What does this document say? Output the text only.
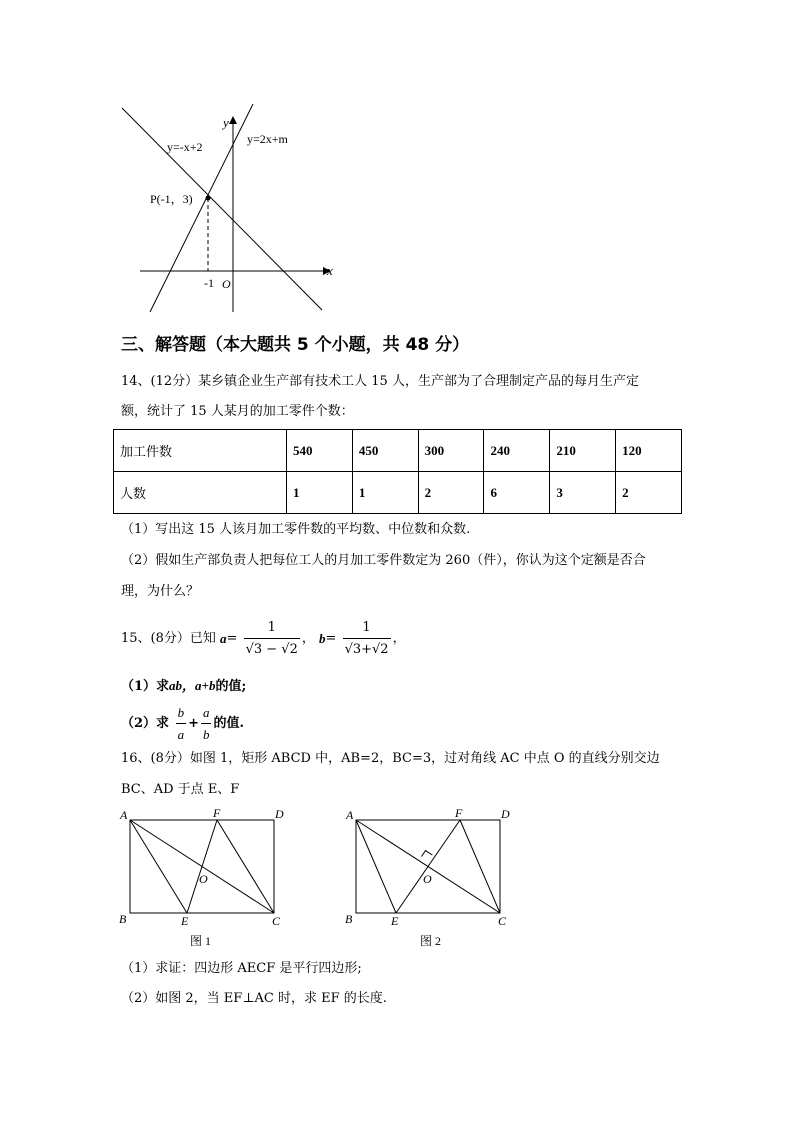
y
x
y=-x+2
y=2x+m
P(-1，3)
-1 O
三、解答题（本大题共 5 个小题，共 48 分）
14、(12分）某乡镇企业生产部有技术工人 15 人，生产部为了合理制定产品的每月生产定
额，统计了 15 人某月的加工零件个数：
加工件数	540	450	300	240	210	120
人数	1	1	2	6	3	2
（1）写出这 15 人该月加工零件数的平均数、中位数和众数.
（2）假如生产部负责人把每位工人的月加工零件数定为 260（件），你认为这个定额是否合
理，为什么？
15、(8分）已知 $a= \frac{1}{√3 - √2}$ ， $b= \frac{1}{√3+√2}$ ，
（1）求ab，a+b的值;
（2）求 $\frac{b}{a} + \frac{a}{b}$ 的值.
16、(8分）如图 1，矩形 ABCD 中，AB=2，BC=3，过对角线 AC 中点 O 的直线分别交边
BC、AD 于点 E、F
A	D
F
O
B	E	C
图 1
A	D
F
O
B	E	C
图 2
（1）求证：四边形 AECF 是平行四边形;
（2）如图 2，当 EF⊥AC 时，求 EF 的长度.
